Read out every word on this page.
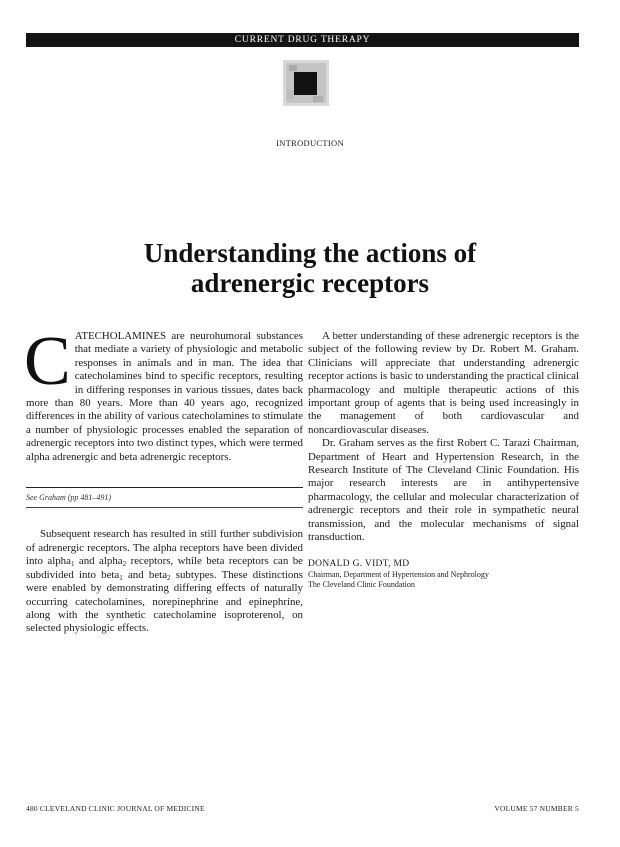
CURRENT DRUG THERAPY
INTRODUCTION
Understanding the actions of
adrenergic receptors

CATECHOLAMINES are neurohumoral substances that mediate a variety of physiologic and metabolic responses in animals and in man. The idea that catecholamines bind to specific receptors, resulting in differing responses in various tissues, dates back more than 80 years. More than 40 years ago, recognized differences in the ability of various catecholamines to stimulate a number of physiologic processes enabled the separation of adrenergic receptors into two distinct types, which were termed alpha adrenergic and beta adrenergic receptors.

See Graham (pp 481–491)

Subsequent research has resulted in still further subdivision of adrenergic receptors. The alpha receptors have been divided into alpha$_1$ and alpha$_2$ receptors, while beta receptors can be subdivided into beta$_1$ and beta$_2$ subtypes. These distinctions were enabled by demonstrating differing effects of naturally occurring catecholamines, norepinephrine and epinephrine, along with the synthetic catecholamine isoproterenol, on selected physiologic effects.

A better understanding of these adrenergic receptors is the subject of the following review by Dr. Robert M. Graham. Clinicians will appreciate that understanding adrenergic receptor actions is basic to understanding the practical clinical pharmacology and multiple therapeutic actions of this important group of agents that is being used increasingly in the management of both cardiovascular and noncardiovascular diseases.

Dr. Graham serves as the first Robert C. Tarazi Chairman, Department of Heart and Hypertension Research, in the Research Institute of The Cleveland Clinic Foundation. His major research interests are in antihypertensive pharmacology, the cellular and molecular characterization of adrenergic receptors and their role in sympathetic neural transmission, and the molecular mechanisms of signal transduction.

DONALD G. VIDT, MD
Chairman, Department of Hypertension and Nephrology
The Cleveland Clinic Foundation
480 CLEVELAND CLINIC JOURNAL OF MEDICINE	VOLUME 57 NUMBER 5
